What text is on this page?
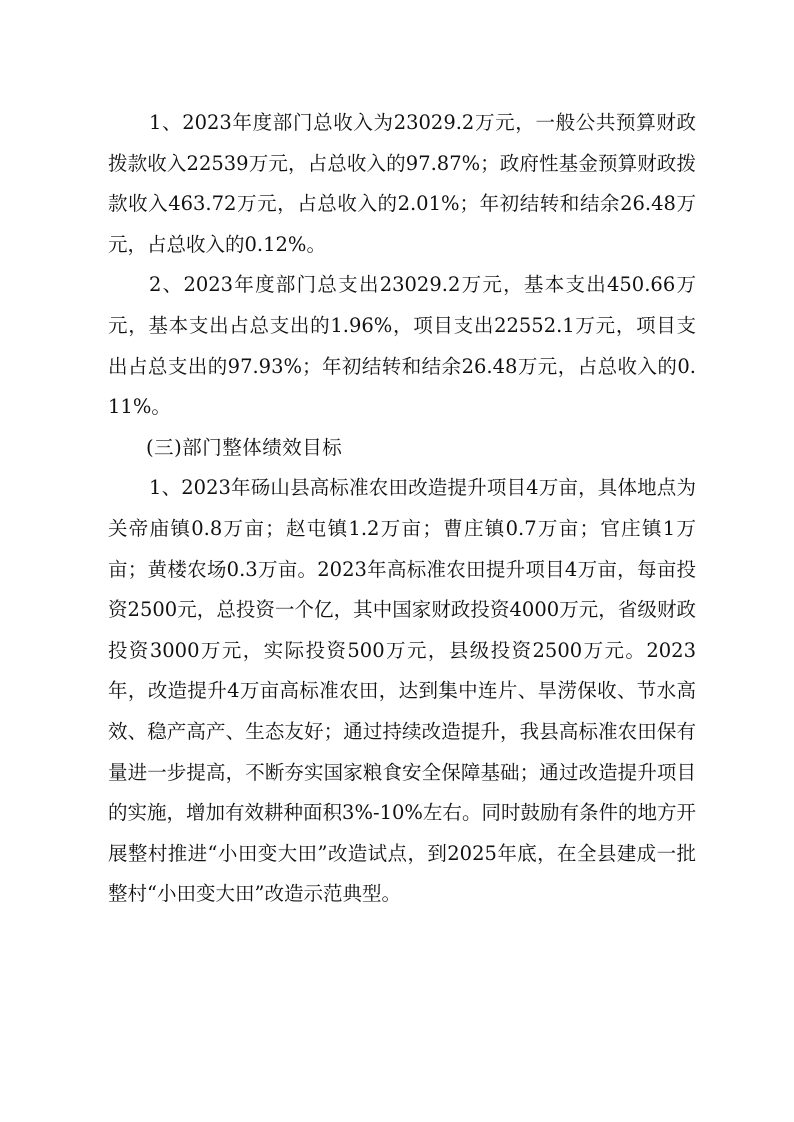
1、2023年度部门总收入为23029.2万元，一般公共预算财政拨款收入22539万元，占总收入的97.87%；政府性基金预算财政拨款收入463.72万元，占总收入的2.01%；年初结转和结余26.48万元，占总收入的0.12%。

2、2023年度部门总支出23029.2万元，基本支出450.66万元，基本支出占总支出的1.96%，项目支出22552.1万元，项目支出占总支出的97.93%；年初结转和结余26.48万元，占总收入的0.11%。

(三)部门整体绩效目标

1、2023年砀山县高标准农田改造提升项目4万亩，具体地点为关帝庙镇0.8万亩；赵屯镇1.2万亩；曹庄镇0.7万亩；官庄镇1万亩；黄楼农场0.3万亩。2023年高标准农田提升项目4万亩，每亩投资2500元，总投资一个亿，其中国家财政投资4000万元，省级财政投资3000万元，实际投资500万元，县级投资2500万元。2023年，改造提升4万亩高标准农田，达到集中连片、旱涝保收、节水高效、稳产高产、生态友好；通过持续改造提升，我县高标准农田保有量进一步提高，不断夯实国家粮食安全保障基础；通过改造提升项目的实施，增加有效耕种面积3%-10%左右。同时鼓励有条件的地方开展整村推进“小田变大田”改造试点，到2025年底，在全县建成一批整村“小田变大田”改造示范典型。
